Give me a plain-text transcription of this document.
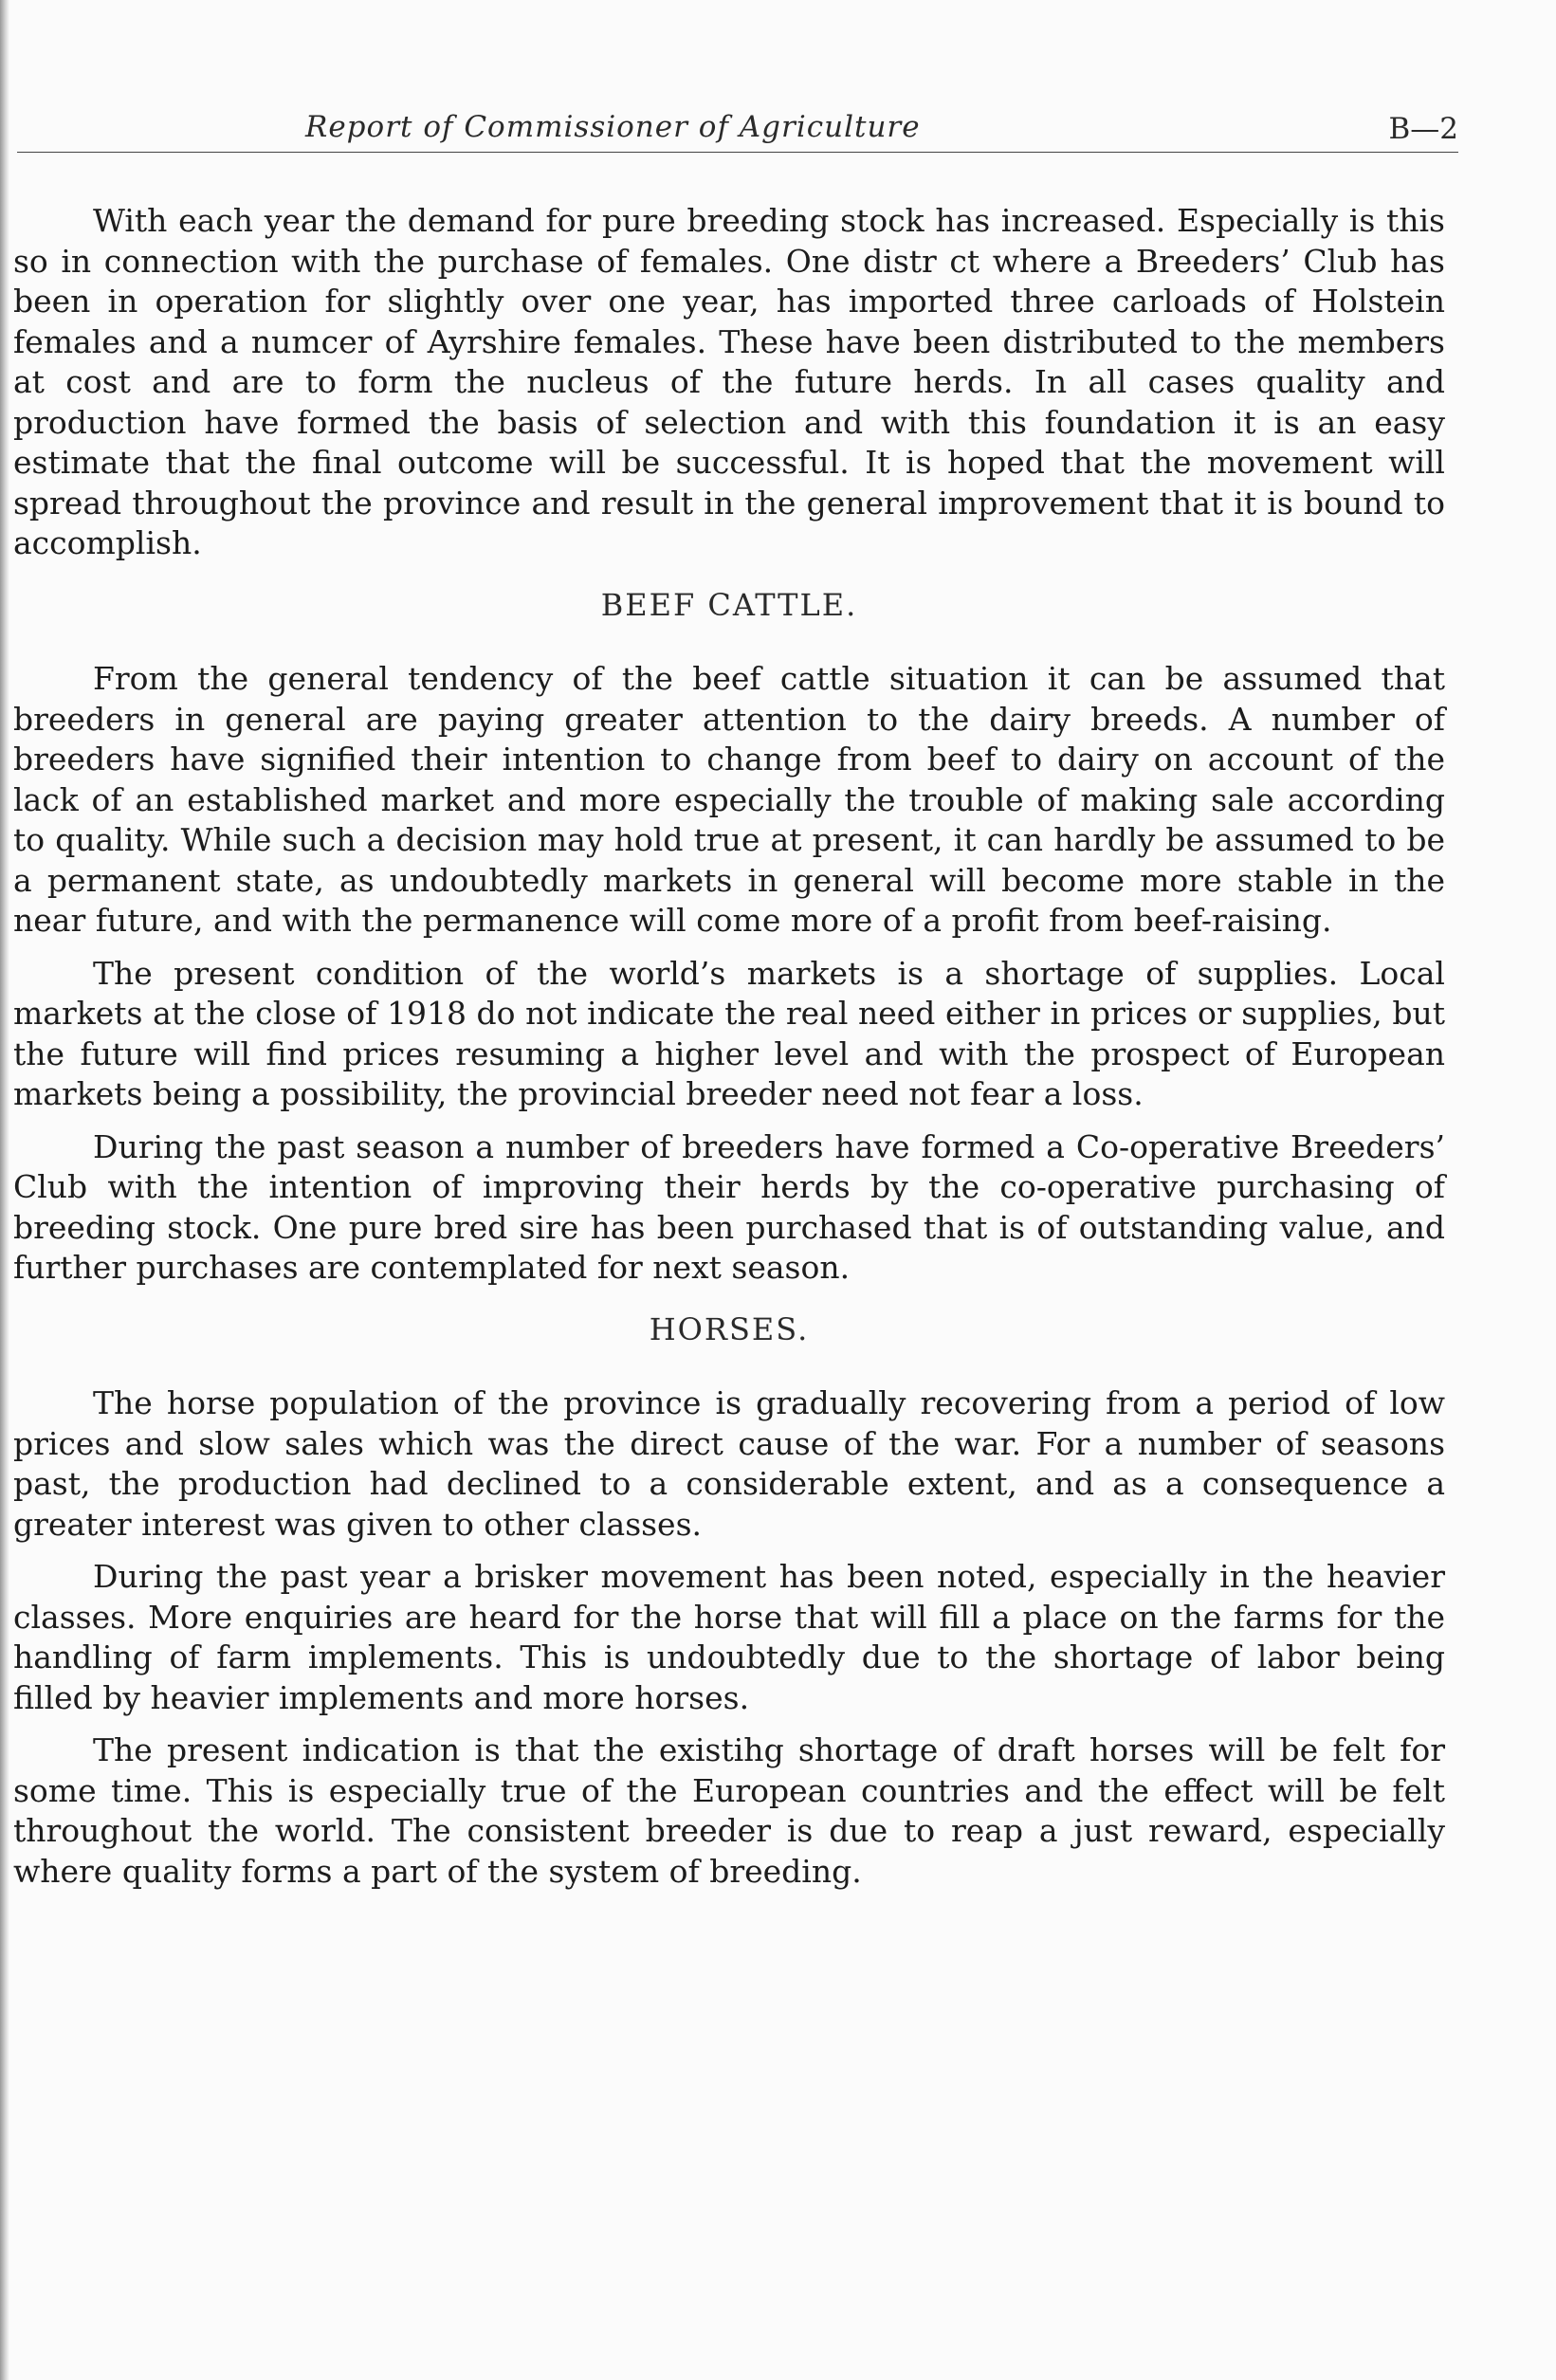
Report of Commissioner of Agriculture	B—2

With each year the demand for pure breeding stock has increased. Especially is this so in connection with the purchase of females. One distr ct where a Breeders’ Club has been in operation for slightly over one year, has imported three carloads of Holstein females and a numcer of Ayrshire females. These have been distributed to the members at cost and are to form the nucleus of the future herds. In all cases quality and production have formed the basis of selection and with this foundation it is an easy estimate that the final outcome will be successful. It is hoped that the movement will spread throughout the province and result in the general improvement that it is bound to accomplish.

BEEF CATTLE.

From the general tendency of the beef cattle situation it can be assumed that breeders in general are paying greater attention to the dairy breeds. A number of breeders have signified their intention to change from beef to dairy on account of the lack of an established market and more especially the trouble of making sale according to quality. While such a decision may hold true at present, it can hardly be assumed to be a permanent state, as undoubtedly markets in general will become more stable in the near future, and with the permanence will come more of a profit from beef-raising.

The present condition of the world’s markets is a shortage of supplies. Local markets at the close of 1918 do not indicate the real need either in prices or supplies, but the future will find prices resuming a higher level and with the prospect of European markets being a possibility, the provincial breeder need not fear a loss.

During the past season a number of breeders have formed a Co-operative Breeders’ Club with the intention of improving their herds by the co-operative purchasing of breeding stock. One pure bred sire has been purchased that is of outstanding value, and further purchases are contemplated for next season.

HORSES.

The horse population of the province is gradually recovering from a period of low prices and slow sales which was the direct cause of the war. For a number of seasons past, the production had declined to a considerable extent, and as a consequence a greater interest was given to other classes.

During the past year a brisker movement has been noted, especially in the heavier classes. More enquiries are heard for the horse that will fill a place on the farms for the handling of farm implements. This is undoubtedly due to the shortage of labor being filled by heavier implements and more horses.

The present indication is that the existihg shortage of draft horses will be felt for some time. This is especially true of the European countries and the effect will be felt throughout the world. The consistent breeder is due to reap a just reward, especially where quality forms a part of the system of breeding.
